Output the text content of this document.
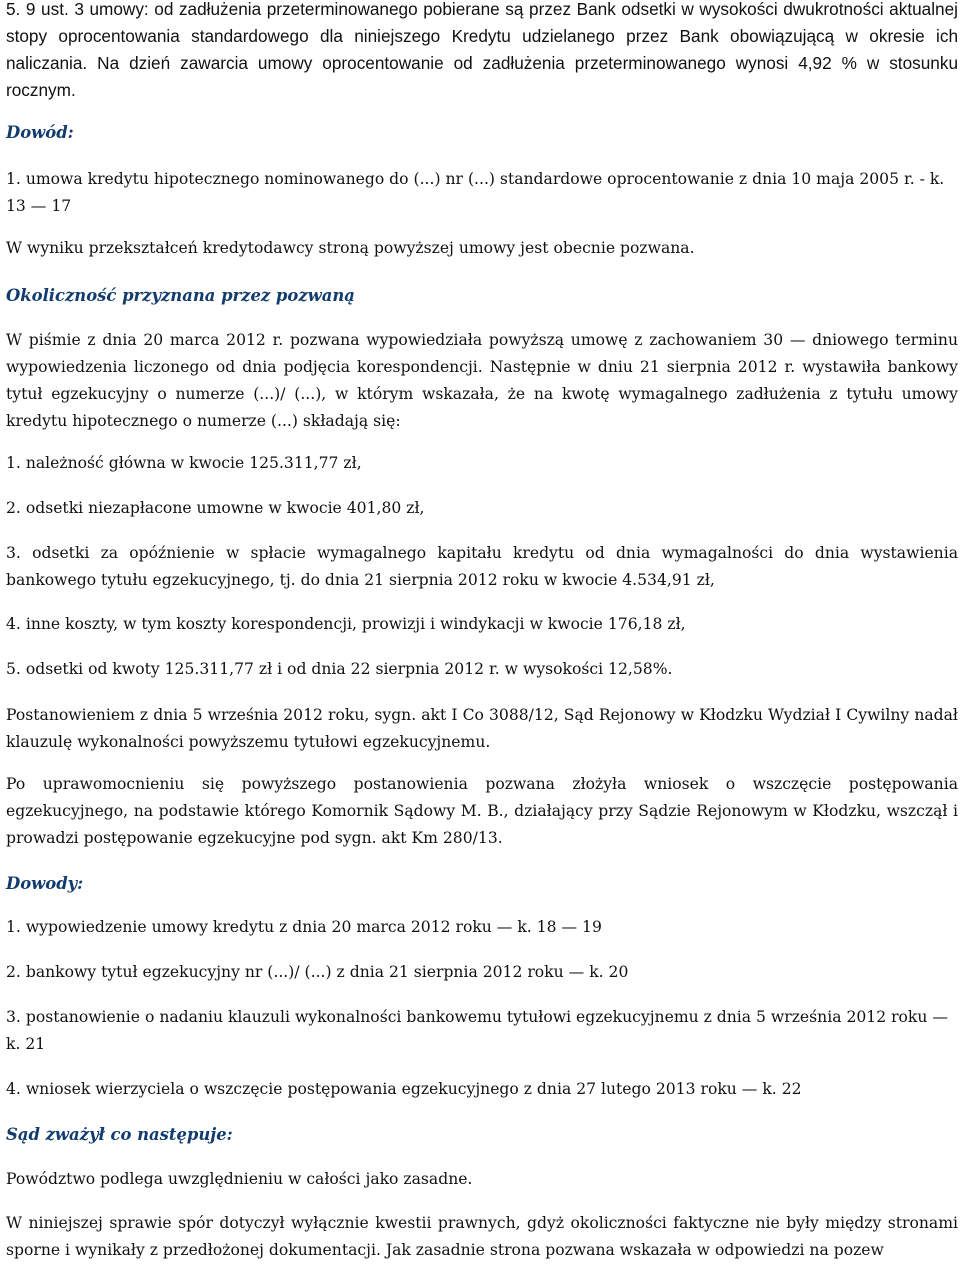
5. 9 ust. 3 umowy: od zadłużenia przeterminowanego pobierane są przez Bank odsetki w wysokości dwukrotności aktualnej stopy oprocentowania standardowego dla niniejszego Kredytu udzielanego przez Bank obowiązującą w okresie ich naliczania. Na dzień zawarcia umowy oprocentowanie od zadłużenia przeterminowanego wynosi 4,92 % w stosunku rocznym.

Dowód:

1. umowa kredytu hipotecznego nominowanego do (...) nr (...) standardowe oprocentowanie z dnia 10 maja 2005 r. - k. 13 — 17

W wyniku przekształceń kredytodawcy stroną powyższej umowy jest obecnie pozwana.

Okoliczność przyznana przez pozwaną

W piśmie z dnia 20 marca 2012 r. pozwana wypowiedziała powyższą umowę z zachowaniem 30 — dniowego terminu wypowiedzenia liczonego od dnia podjęcia korespondencji. Następnie w dniu 21 sierpnia 2012 r. wystawiła bankowy tytuł egzekucyjny o numerze (...)/ (...), w którym wskazała, że na kwotę wymagalnego zadłużenia z tytułu umowy kredytu hipotecznego o numerze (...) składają się:

1. należność główna w kwocie 125.311,77 zł,

2. odsetki niezapłacone umowne w kwocie 401,80 zł,

3. odsetki za opóźnienie w spłacie wymagalnego kapitału kredytu od dnia wymagalności do dnia wystawienia bankowego tytułu egzekucyjnego, tj. do dnia 21 sierpnia 2012 roku w kwocie 4.534,91 zł,

4. inne koszty, w tym koszty korespondencji, prowizji i windykacji w kwocie 176,18 zł,

5. odsetki od kwoty 125.311,77 zł i od dnia 22 sierpnia 2012 r. w wysokości 12,58%.

Postanowieniem z dnia 5 września 2012 roku, sygn. akt I Co 3088/12, Sąd Rejonowy w Kłodzku Wydział I Cywilny nadał klauzulę wykonalności powyższemu tytułowi egzekucyjnemu.

Po uprawomocnieniu się powyższego postanowienia pozwana złożyła wniosek o wszczęcie postępowania egzekucyjnego, na podstawie którego Komornik Sądowy M. B., działający przy Sądzie Rejonowym w Kłodzku, wszczął i prowadzi postępowanie egzekucyjne pod sygn. akt Km 280/13.

Dowody:

1. wypowiedzenie umowy kredytu z dnia 20 marca 2012 roku — k. 18 — 19

2. bankowy tytuł egzekucyjny nr (...)/ (...) z dnia 21 sierpnia 2012 roku — k. 20

3. postanowienie o nadaniu klauzuli wykonalności bankowemu tytułowi egzekucyjnemu z dnia 5 września 2012 roku — k. 21

4. wniosek wierzyciela o wszczęcie postępowania egzekucyjnego z dnia 27 lutego 2013 roku — k. 22

Sąd zważył co następuje:

Powództwo podlega uwzględnieniu w całości jako zasadne.

W niniejszej sprawie spór dotyczył wyłącznie kwestii prawnych, gdyż okoliczności faktyczne nie były między stronami sporne i wynikały z przedłożonej dokumentacji. Jak zasadnie strona pozwana wskazała w odpowiedzi na pozew
